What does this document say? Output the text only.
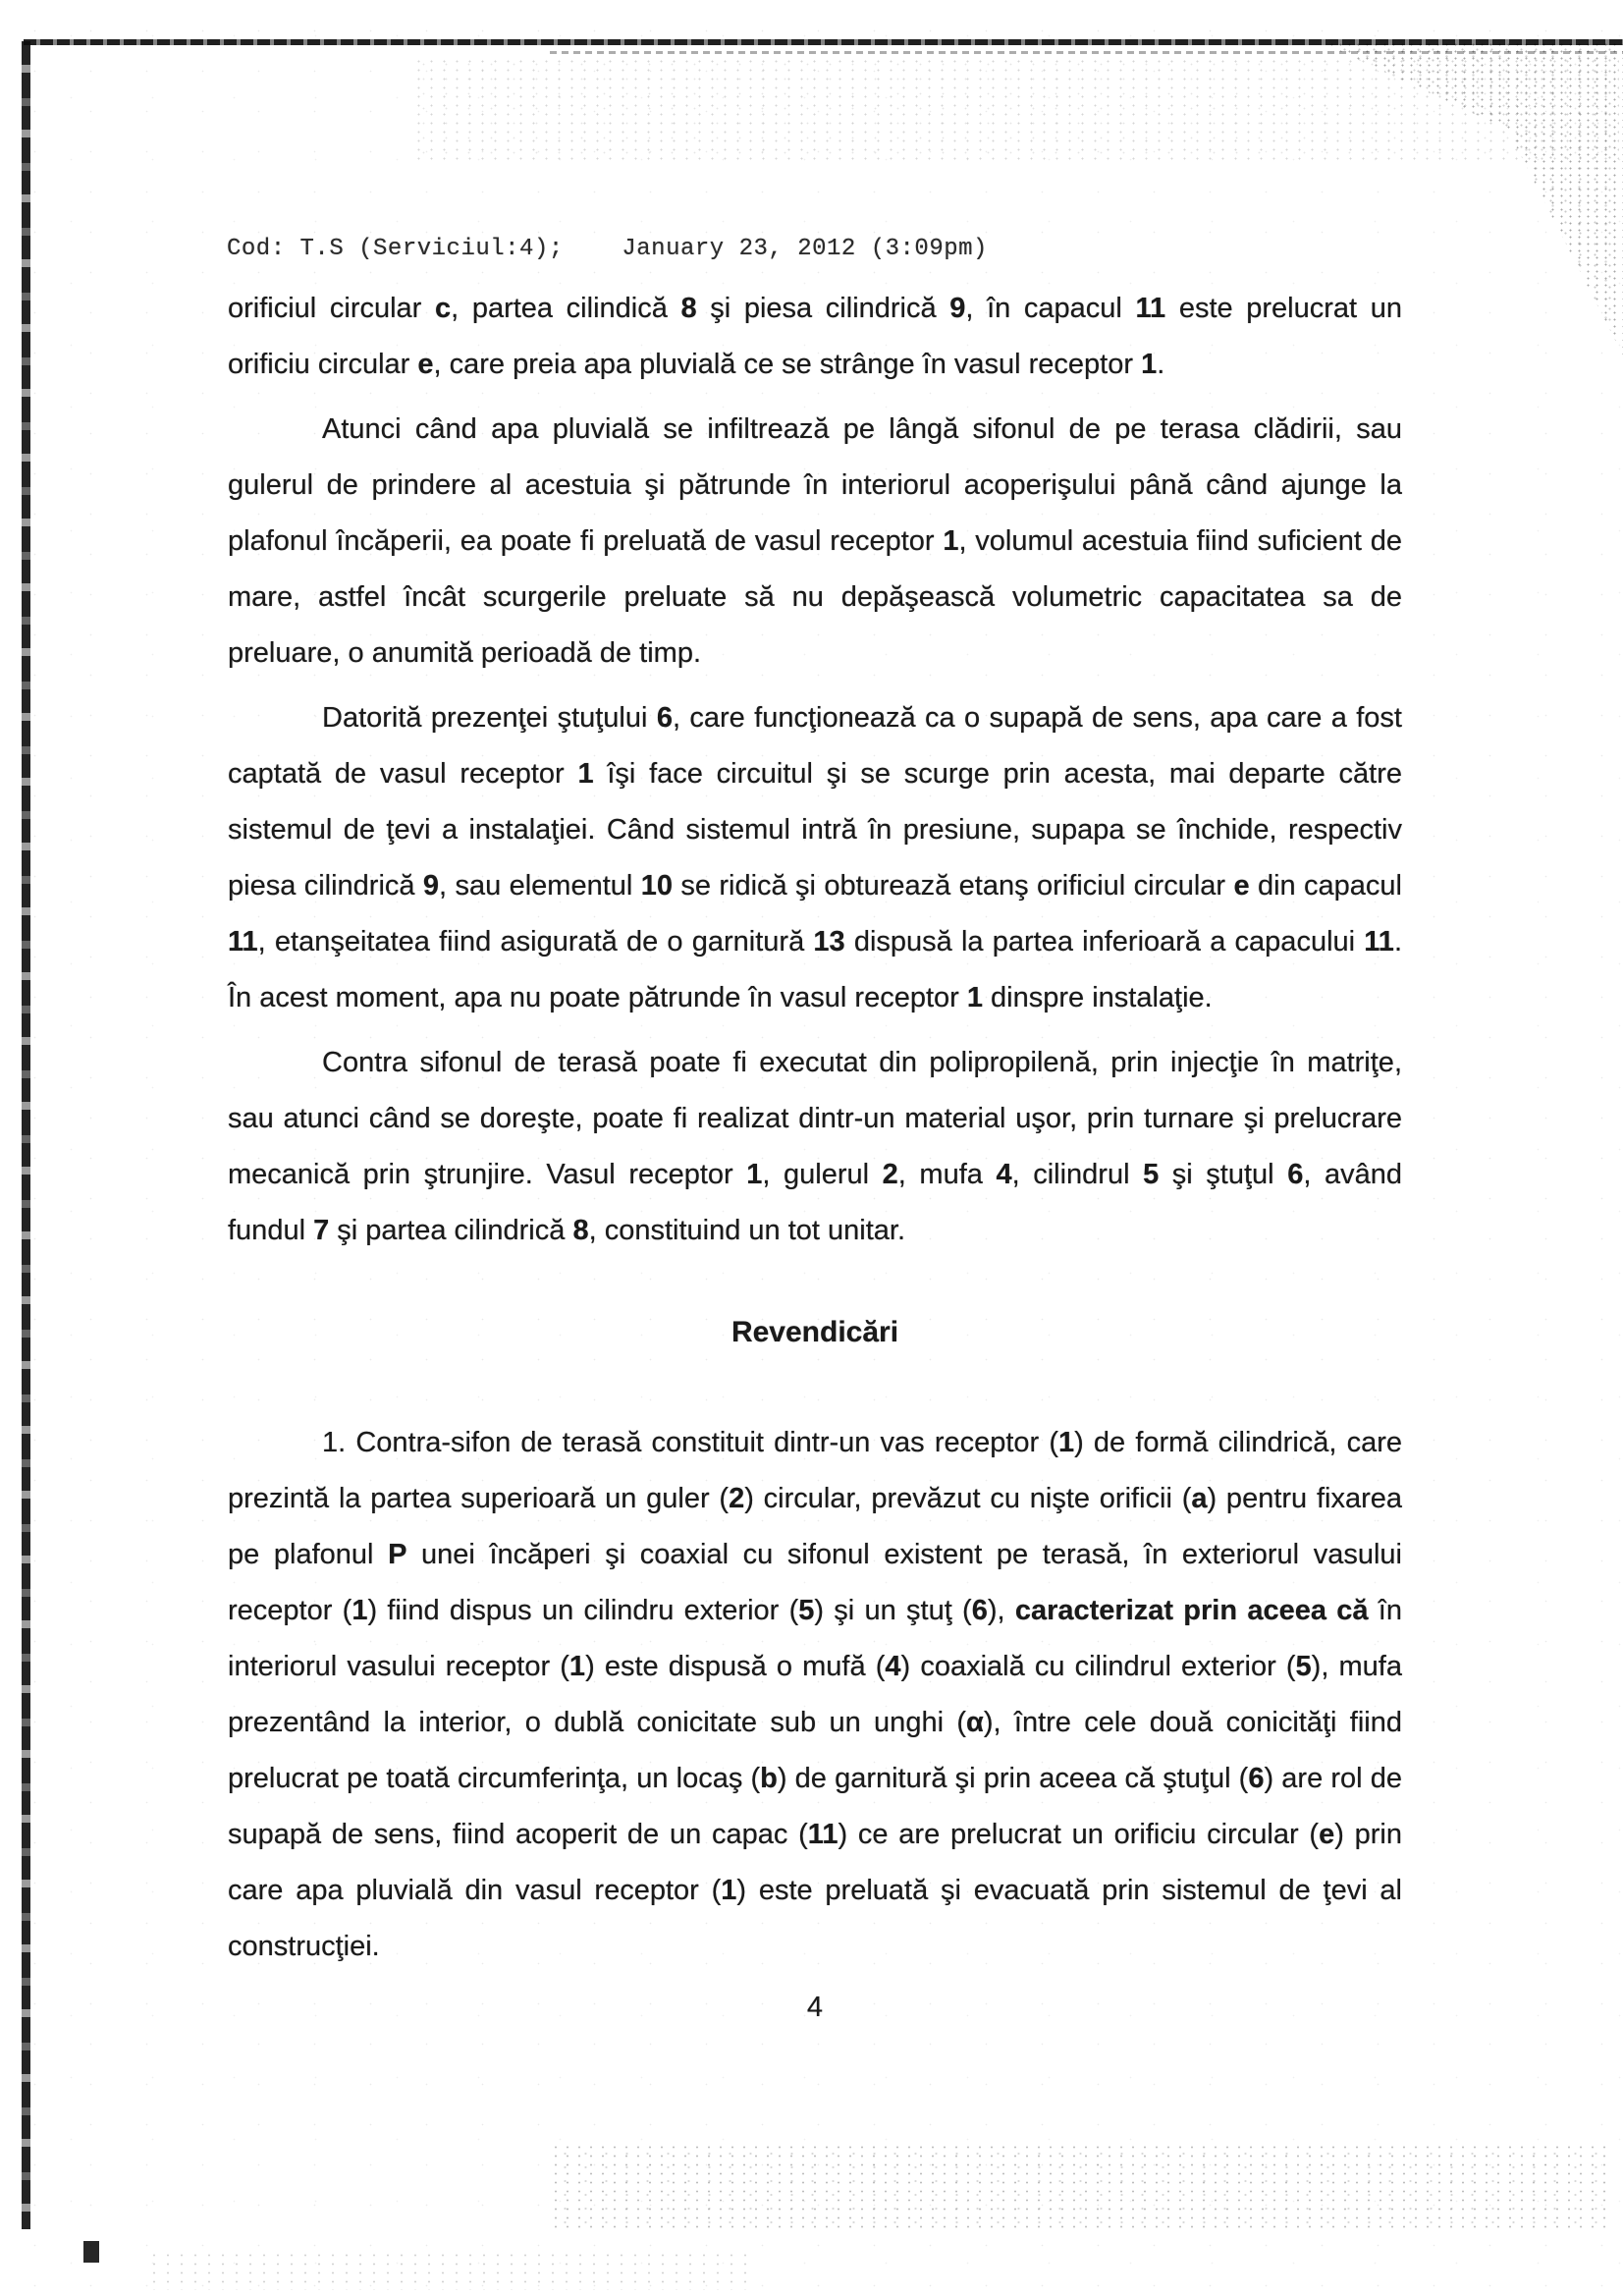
Cod: T.S (Serviciul:4);    January 23, 2012 (3:09pm)
orificiul circular c, partea cilindică 8 şi piesa cilindrică 9, în capacul 11 este prelucrat un orificiu circular e, care preia apa pluvială ce se strânge în vasul receptor 1.
Atunci când apa pluvială se infiltrează pe lângă sifonul de pe terasa clădirii, sau gulerul de prindere al acestuia şi pătrunde în interiorul acoperişului până când ajunge la plafonul încăperii, ea poate fi preluată de vasul receptor 1, volumul acestuia fiind suficient de mare, astfel încât scurgerile preluate să nu depăşească volumetric capacitatea sa de preluare, o anumită perioadă de timp.
Datorită prezenţei ştuţului 6, care funcţionează ca o supapă de sens, apa care a fost captată de vasul receptor 1 îşi face circuitul şi se scurge prin acesta, mai departe către sistemul de ţevi a instalaţiei. Când sistemul intră în presiune, supapa se închide, respectiv piesa cilindrică 9, sau elementul 10 se ridică şi obturează etanş orificiul circular e din capacul 11, etanşeitatea fiind asigurată de o garnitură 13 dispusă la partea inferioară a capacului 11. În acest moment, apa nu poate pătrunde în vasul receptor 1 dinspre instalaţie.
Contra sifonul de terasă poate fi executat din polipropilenă, prin injecţie în matriţe, sau atunci când se doreşte, poate fi realizat dintr-un material uşor, prin turnare şi prelucrare mecanică prin ştrunjire. Vasul receptor 1, gulerul 2, mufa 4, cilindrul 5 şi ştuţul 6, având fundul 7 şi partea cilindrică 8, constituind un tot unitar.
Revendicări
1. Contra-sifon de terasă constituit dintr-un vas receptor (1) de formă cilindrică, care prezintă la partea superioară un guler (2) circular, prevăzut cu nişte orificii (a) pentru fixarea pe plafonul P unei încăperi şi coaxial cu sifonul existent pe terasă, în exteriorul vasului receptor (1) fiind dispus un cilindru exterior (5) şi un ştuţ (6), caracterizat prin aceea că în interiorul vasului receptor (1) este dispusă o mufă (4) coaxială cu cilindrul exterior (5), mufa prezentând la interior, o dublă conicitate sub un unghi (α), între cele două conicităţi fiind prelucrat pe toată circumferinţa, un locaş (b) de garnitură şi prin aceea că ştuţul (6) are rol de supapă de sens, fiind acoperit de un capac (11) ce are prelucrat un orificiu circular (e) prin care apa pluvială din vasul receptor (1) este preluată şi evacuată prin sistemul de ţevi al construcţiei.
4
